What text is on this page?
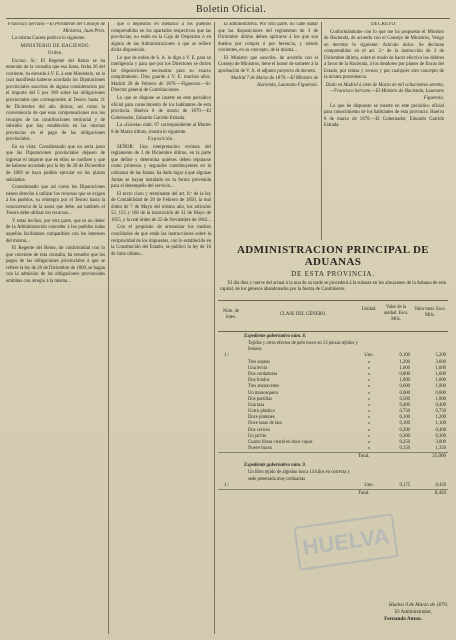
Boletin Oficial.

Francisco Serrano.—El Presidente del Consejo de Ministros, Juan Prim.

La misma Gaceta publica lo siguiente.

MINISTERIO DE HACIENDO.

Orden.

Excmo. Sr.: El Regente del Reino se ha enterado de la consulta que esa Junta, fecha 26 del corriente, ha elevado á V. E. á este Ministerio, en la cual manifiesta haberse acordado los Diputaciones provinciales suscritos de alguna consideracion por el importe del 5 por 100 sobre las obligaciones provinciales que corresponden al Tesoro hasta 31 de Diciembre del año último; así como la conveniencia de que esas compensaciones nos los recargos de las contribuciones territorial y de subsidio que hay establecido en las mismas provincias en el pago de las obligaciones provinciales.

En su vista: Considerando que no sería justo que las Diputaciones provinciales dejasen de ingresar el importe que en ellos se confiere y que de haberse acordado por la ley de 26 de Diciembre de 1869 se haya podido ejecutar en los plazos señalados.

Considerando que así como los Diputaciones tienen derecho á utilizar los recursos que se exigen á los pueblos, su reintegro por el Tesoro hasta la concurrencia de la suma que debe, así también el Tesoro debe utilizar los recursos...

Y estas hechos, por otra parte, que es un deber de la Administración conceder á los pueblos todas aquellas facilidades compatibles con los intereses del mismo...

El Regente del Reino, de conformidad con lo que conviene de esta consulta, ha resuelto que los pagos de las obligaciones provinciales á que se refiere la ley de 26 de Diciembre de 1869, se hagan con la admisión de las obligaciones provinciales emitidas con arreglo á la misma...

que ó depósitos en metálico á los pueblos comprendidos en los apartados respectivos que las provincias, no estén en la Caja de Depósitos ó en alguna de las Administraciones á que se refiere dicha disposición.

Lo que de orden de S. A. lo digo á V. E. para su inteligencia y para que por los Directores se dicten las disposiciones necesarias para su exacto cumplimiento. Dios guarde á V. E. muchos años. Madrid 28 de Febrero de 1870.—Figuerola.—Sr. Director general de Contribuciones.

Lo que se dispone se inserte en este periódico oficial para conocimiento de los habitantes de esta provincia. Huelva 8 de marzo de 1870.—El Gobernador, Eduardo Garrido Estrada.

La «Gaceta» núm. 67 correspondiente al Martes 8 de Marzo último, inserta lo siguiente.

Exposición.

SEÑOR: Una interpretacion errónea del reglamento de 3 de Diciembre último, en la parte que define y determina quiénes deben reputarse como primeros y segundos contribuyentes en la cobranza de las Juntas, ha dado lugar á que algunas Juntas se hayan instalado en la forma prevenida para el desempeño del servicio...

El texto claro y terminante del art. 8.º de la ley de Contabilidad de 20 de Febrero de 1850, la real órden de 7 de Mayo del mismo año, los artículos 52, 155 y 160 de la instrucción de 31 de Mayo de 1855, y la real órden de 22 de Noviembre de 1862...

Con el propósito de armonizar los medios conciliados de que están las instrucciones sobre la reciprocidad de los impuestos, con lo establecido en la Constitución del Estado, se publicó la ley de 16 de Julio último...

la administrativa. Por otra parte, no cabe dudar que las disposiciones del reglamento de 3 de Diciembre último deben aplicarse á los que son dueños por compra ó por herencia, y siendo corrientes, en su concepto, de la misma...

El Ministro que suscribe, de acuerdo con el Consejo de Ministros, tiene el honor de someter á la aprobación de V. A. el adjunto proyecto de decreto.

Madrid 7 de Marzo de 1870.—El Ministro de Hacienda, Laureano Figuerola.

DECRETO.

Conformándome con lo que me ha propuesto el Ministro de Hacienda, de acuerdo con el Consejo de Ministros, Vengo en decretar lo siguiente: Artículo único. Se declaran comprendidos en el art. 2.º de la instrucción de 3 de Diciembre último, sobre el modo de hacer efectivo los débitos á favor de la Hacienda, á los deudores por planes de fincas del Estado, por rentas y censos y por cualquier otro concepto de la misma procedencia.

Dado en Madrid á siete de Marzo de mil ochocientos setenta.—Francisco Serrano.—El Ministro de Hacienda, Laureano Figuerola.

Lo que he dispuesto se inserte en este periódico oficial para conocimiento de los habitantes de esta provincia. Huelva 8 de marzo de 1870.—El Gobernador, Eduardo Garrido Estrada.

ADMINISTRACION PRINCIPAL DE ADUANAS
DE ESTA PROVINCIA.

El dia diez y nueve del actual á la una de su tarde se procederá á la subasta en los almacenes de la Aduana de esta capital, de los géneros abandonados por la fuerza de Carabineros.

Núm. de lotes.
CLASE DEL GÉNERO.
Unidad.	Valor de la unidad. Escs. Mils.
Valor total. Escs. Mils.
Expediente gubernativo núm. 8.
1.º
Tejidos y otros efectos de pelo tosco en 13 piezas tejidos y lienzos
Uno.	0,100	5,200
Tres sopeas	»	1,200	3,600
Una tercia	»	1,600	1,600
Dos cordadoras	»	0,800	1,600
Dos fondos	»	1,000	1,000
Tres anzuavenes	»	0,600	1,800
Un monosquero	»	0,600	0,600
Dos portillas	»	0,500	1,000
Una tasa	»	0,400	0,400
Gorro plástico	»	0,750	0,750
Doce platones	»	0,100	1,200
Once tasas de lata	»	0,100	1,100
Dos cericos	»	0,200	0,400
Un jarrito	»	0,300	0,300
Cuatro libras cristal en doce copas	»	0,250	3,000
Nueve bacos	»	0,150	1,350
Total.	25,000
Expediente gubernativo núm. 9.
1.º
Un libro tejido de algodon tosca 14 kilos en correcta y sede penetrada muy ordinarias
Uno.	0,175	8,450
Total.	8,450
HUELVA
Huelva 9 de Marzo de 1870.
El Administrador,
Fernando Anton.
